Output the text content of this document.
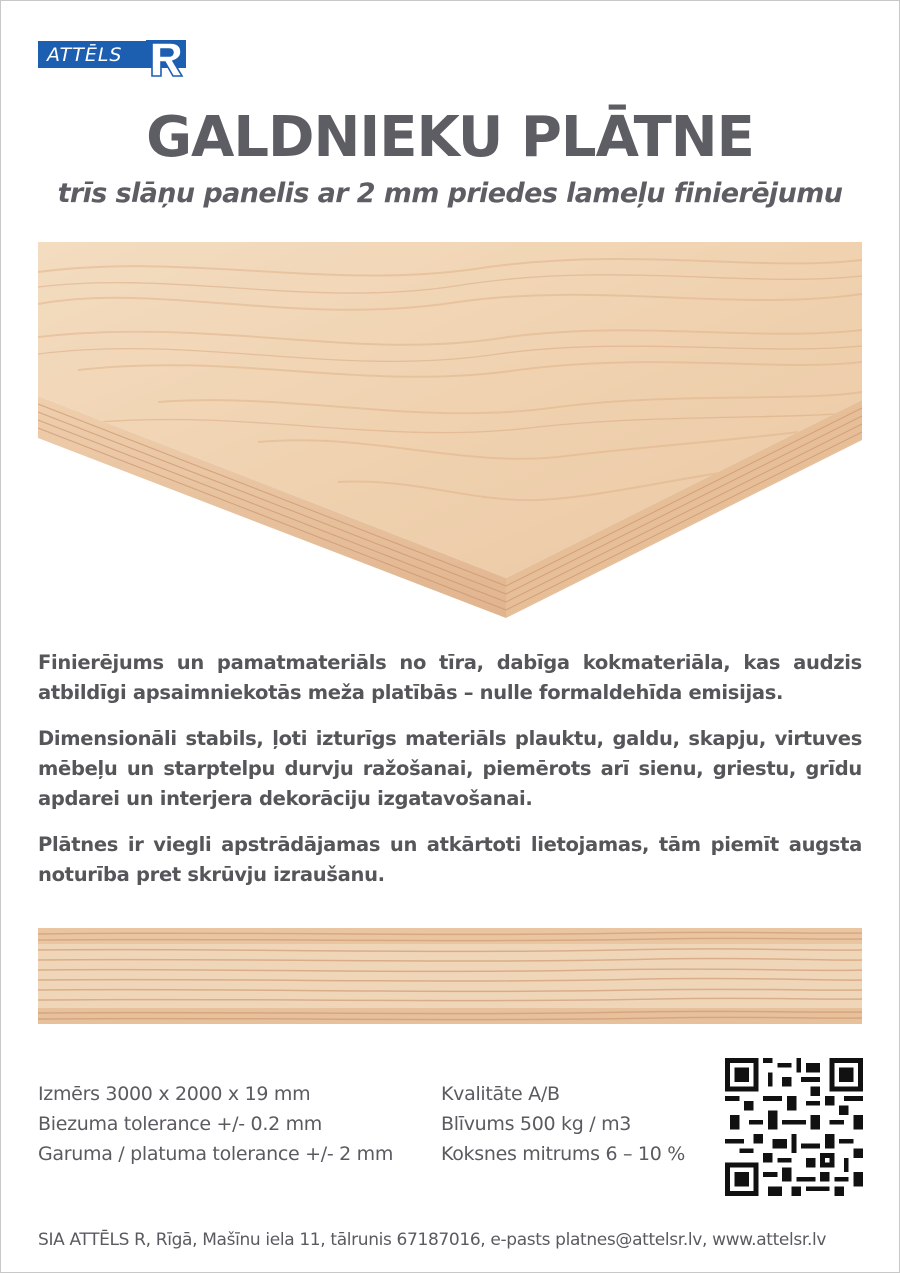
ATTĒLS
GALDNIEKU PLĀTNE
trīs slāņu panelis ar 2 mm priedes lameļu finierējumu

Finierējums un pamatmateriāls no tīra, dabīga kokmateriāla, kas audzis atbildīgi apsaimniekotās meža platībās – nulle formaldehīda emisijas.

Dimensionāli stabils, ļoti izturīgs materiāls plauktu, galdu, skapju, virtuves mēbeļu un starptelpu durvju ražošanai, piemērots arī sienu, griestu, grīdu apdarei un interjera dekorāciju izgatavošanai.

Plātnes ir viegli apstrādājamas un atkārtoti lietojamas, tām piemīt augsta noturība pret skrūvju izraušanu.

Izmērs 3000 x 2000 x 19 mm
Biezuma tolerance +/- 0.2 mm
Garuma / platuma tolerance +/- 2 mm
Kvalitāte A/B
Blīvums 500 kg / m3
Koksnes mitrums 6 – 10 %
SIA ATTĒLS R, Rīgā, Mašīnu iela 11, tālrunis 67187016, e-pasts platnes@attelsr.lv, www.attelsr.lv
